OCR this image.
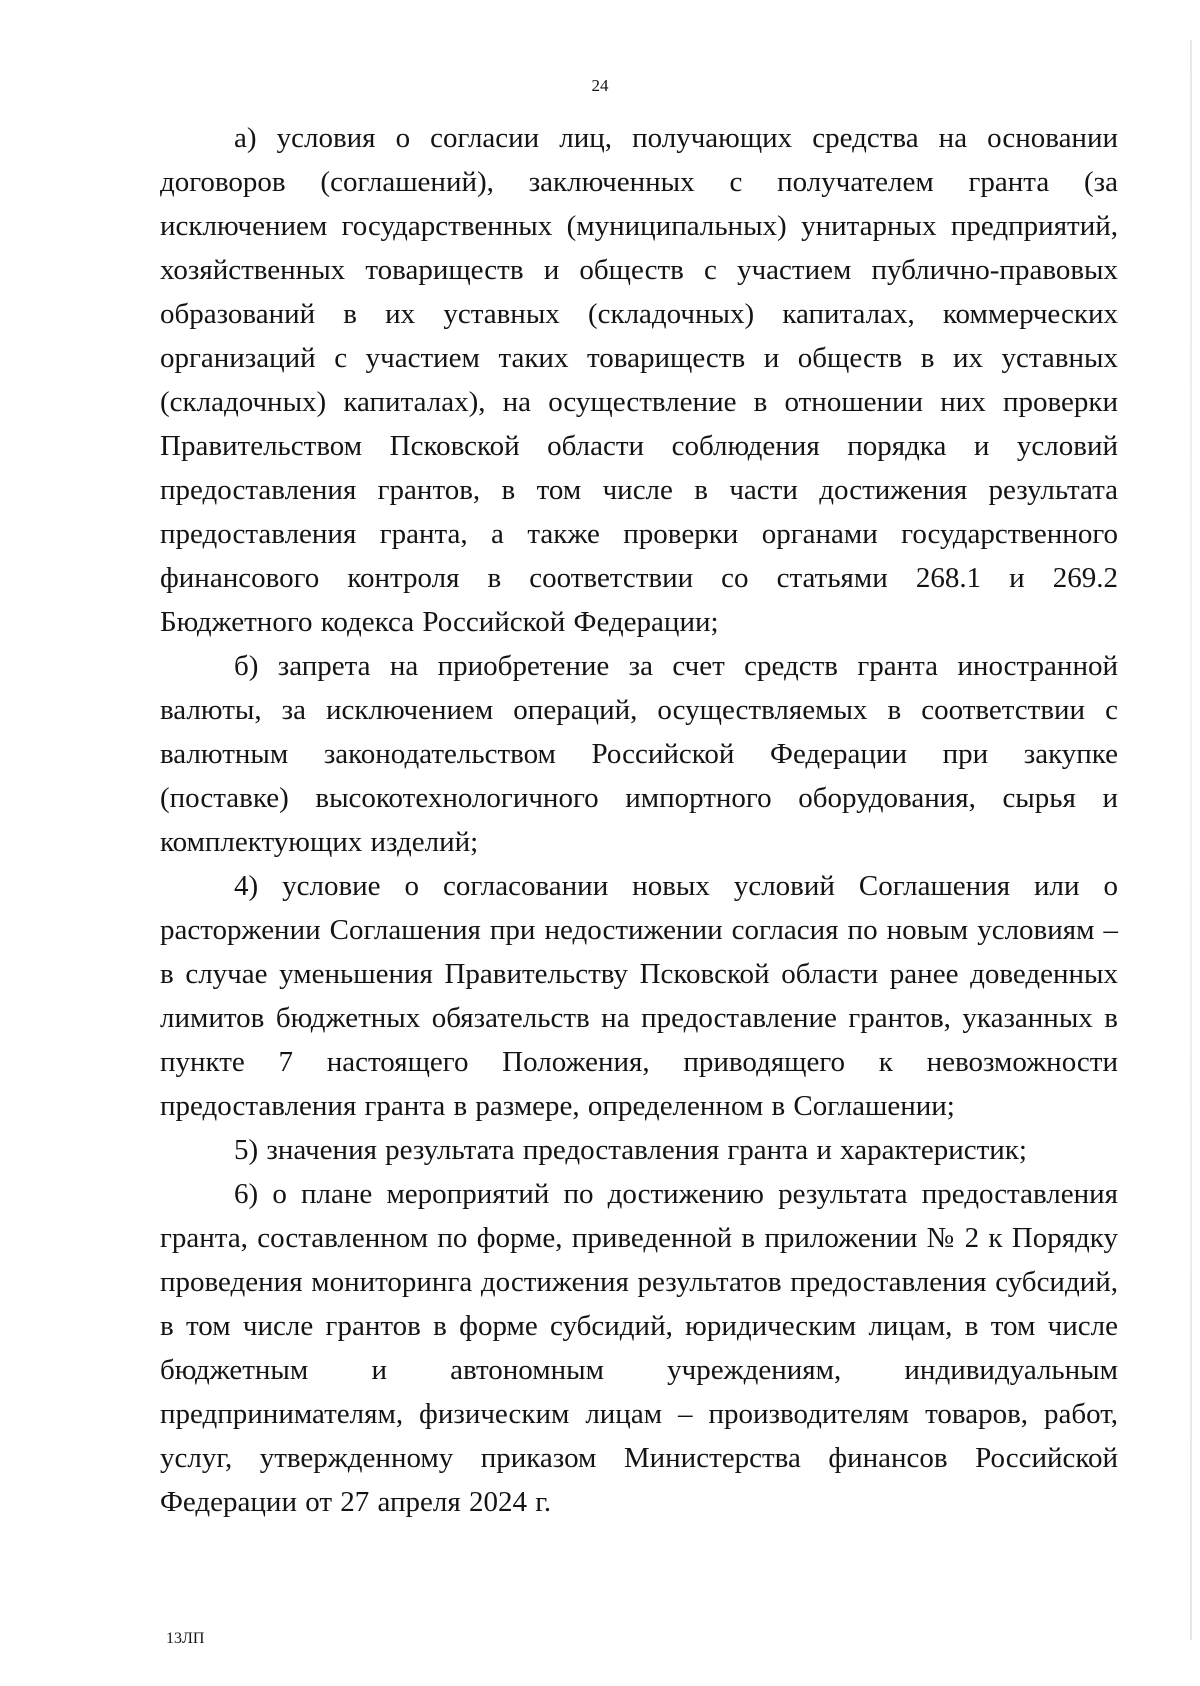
24

а) условия о согласии лиц, получающих средства на основании договоров (соглашений), заключенных с получателем гранта (за исключением государственных (муниципальных) унитарных предприятий, хозяйственных товариществ и обществ с участием публично-правовых образований в их уставных (складочных) капиталах, коммерческих организаций с участием таких товариществ и обществ в их уставных (складочных) капиталах), на осуществление в отношении них проверки Правительством Псковской области соблюдения порядка и условий предоставления грантов, в том числе в части достижения результата предоставления гранта, а также проверки органами государственного финансового контроля в соответствии со статьями 268.1 и 269.2 Бюджетного кодекса Российской Федерации;

б) запрета на приобретение за счет средств гранта иностранной валюты, за исключением операций, осуществляемых в соответствии с валютным законодательством Российской Федерации при закупке (поставке) высокотехнологичного импортного оборудования, сырья и комплектующих изделий;

4) условие о согласовании новых условий Соглашения или о расторжении Соглашения при недостижении согласия по новым условиям – в случае уменьшения Правительству Псковской области ранее доведенных лимитов бюджетных обязательств на предоставление грантов, указанных в пункте 7 настоящего Положения, приводящего к невозможности предоставления гранта в размере, определенном в Соглашении;

5) значения результата предоставления гранта и характеристик;

6) о плане мероприятий по достижению результата предоставления гранта, составленном по форме, приведенной в приложении № 2 к Порядку проведения мониторинга достижения результатов предоставления субсидий, в том числе грантов в форме субсидий, юридическим лицам, в том числе бюджетным и автономным учреждениям, индивидуальным предпринимателям, физическим лицам – производителям товаров, работ, услуг, утвержденному приказом Министерства финансов Российской Федерации от 27 апреля 2024 г.

13ЛП
